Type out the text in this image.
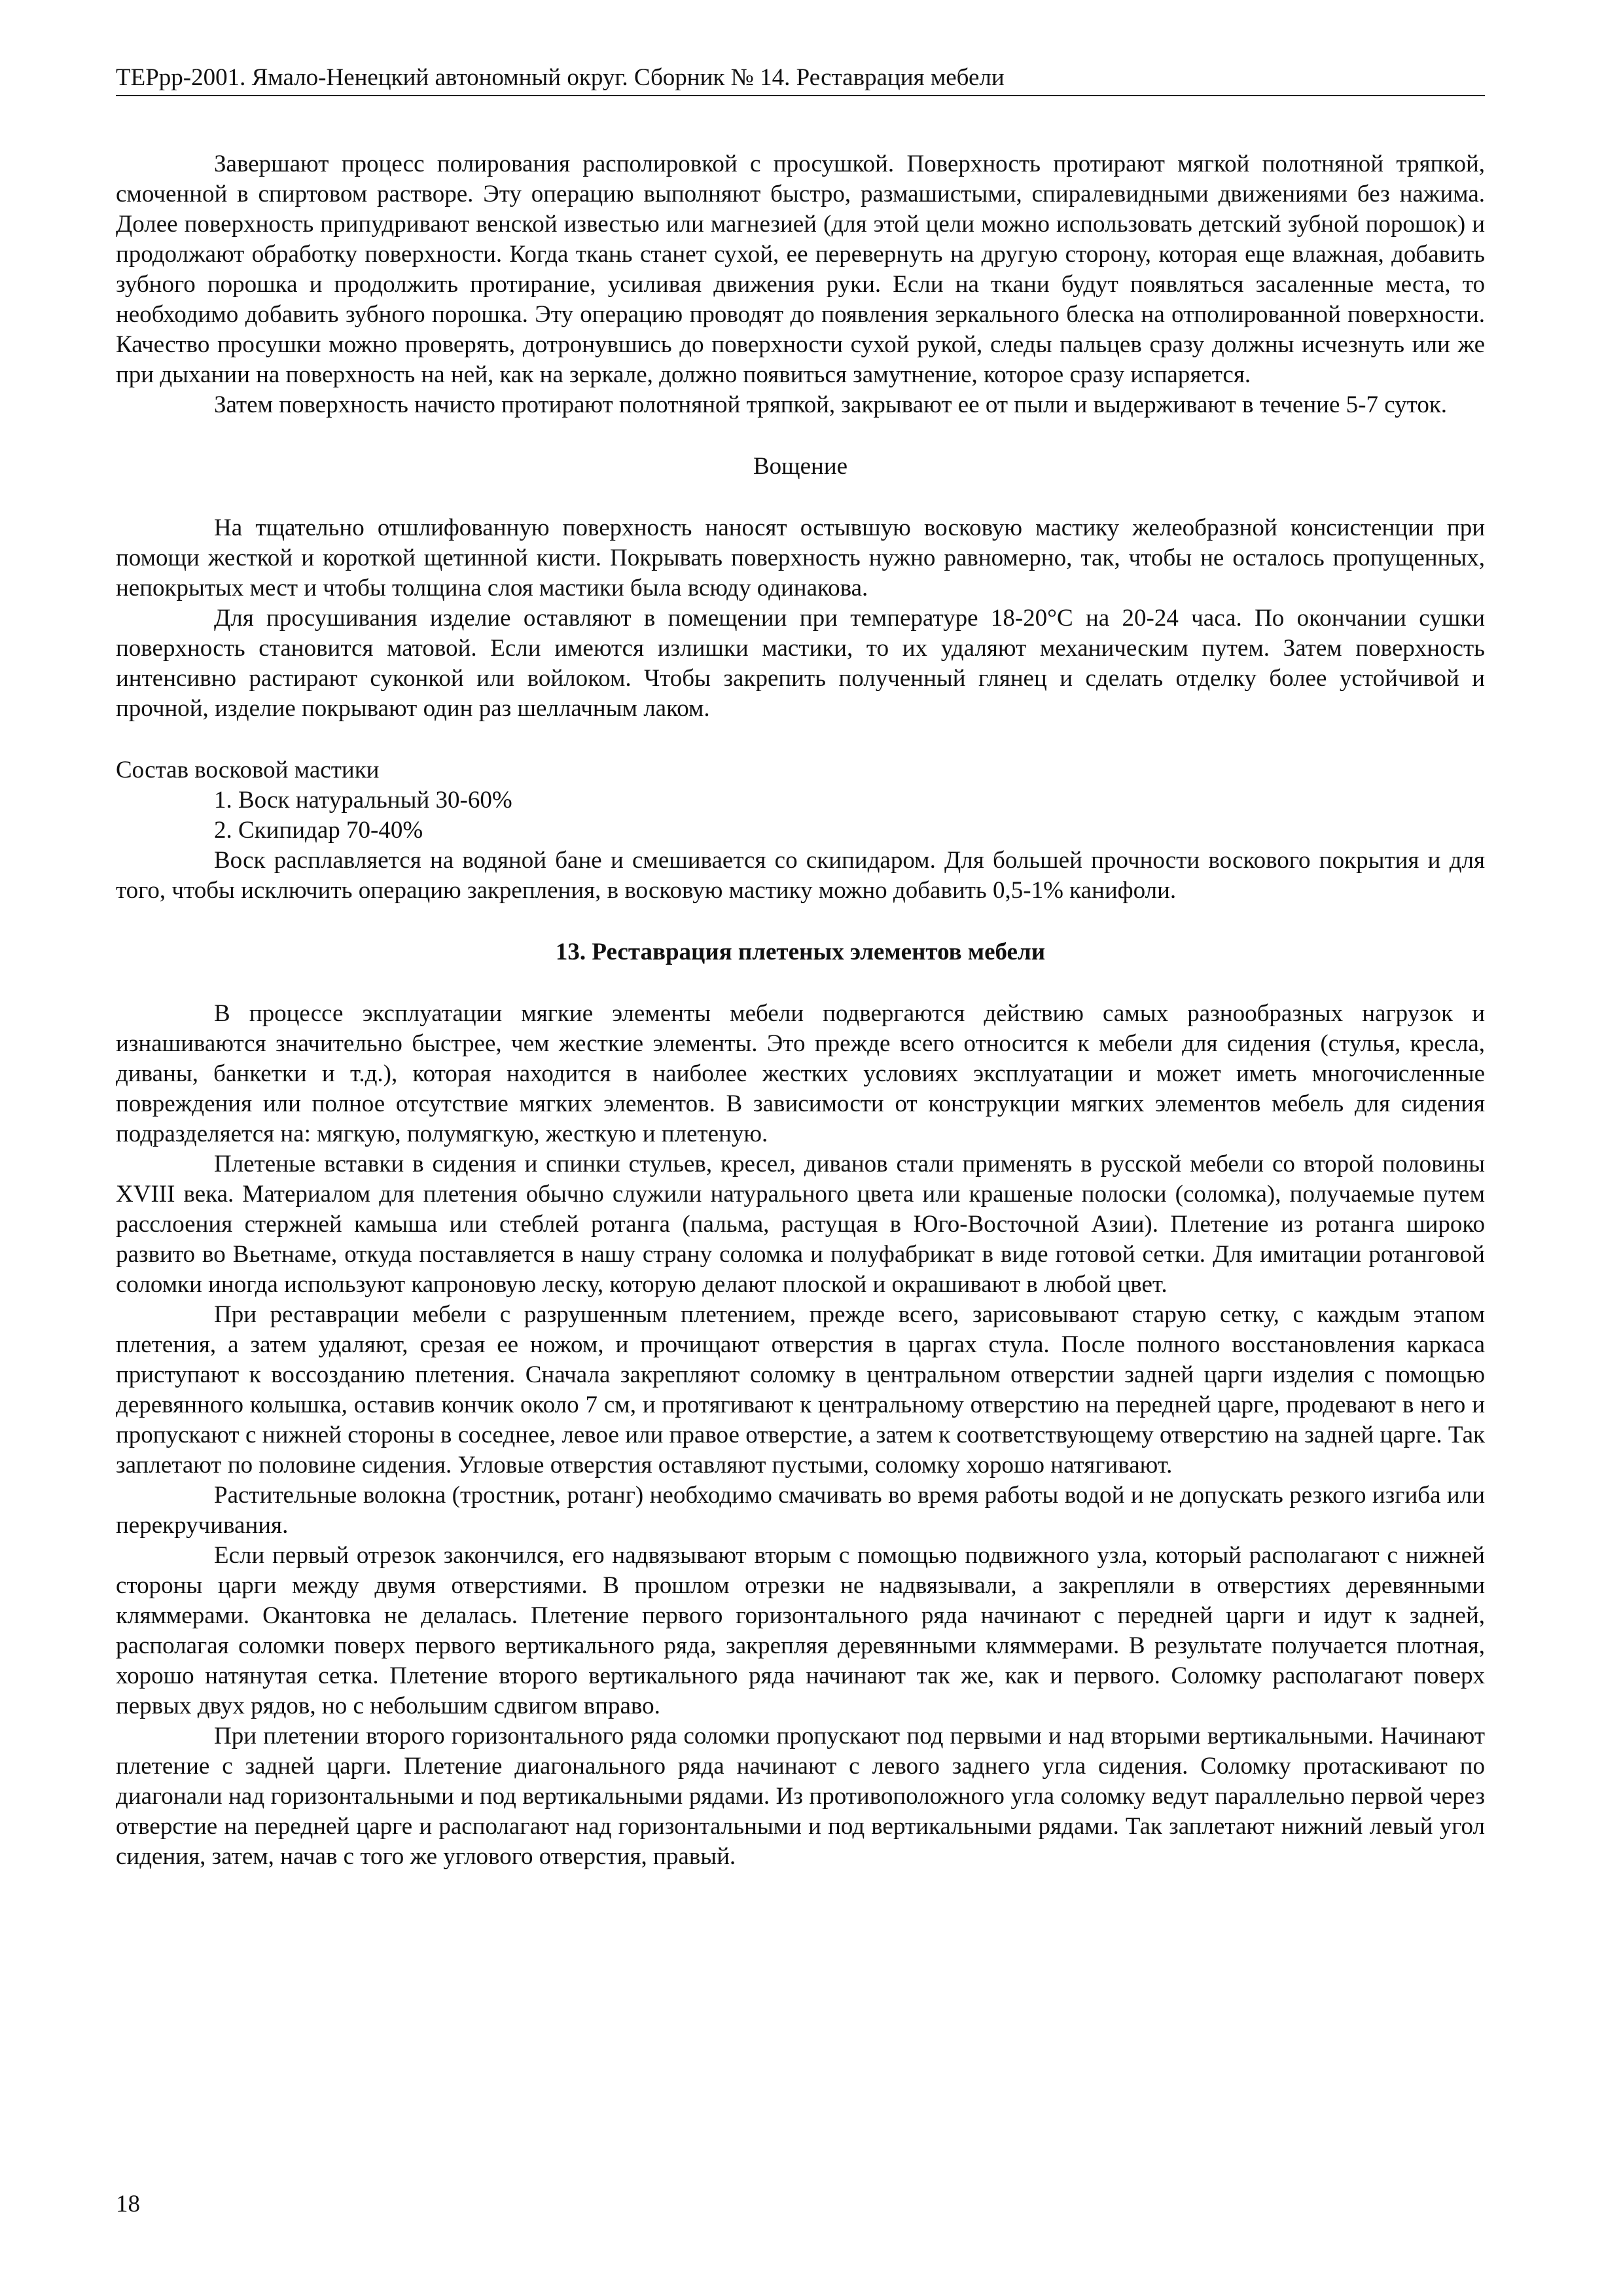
ТЕРрр-2001. Ямало-Ненецкий автономный округ. Сборник № 14. Реставрация мебели

Завершают процесс полирования располировкой с просушкой. Поверхность протирают мягкой полотняной тряпкой, смоченной в спиртовом растворе. Эту операцию выполняют быстро, размашистыми, спиралевидными движениями без нажима. Долее поверхность припудривают венской известью или магнезией (для этой цели можно использовать детский зубной порошок) и продолжают обработку поверхности. Когда ткань станет сухой, ее перевернуть на другую сторону, которая еще влажная, добавить зубного порошка и продолжить протирание, усиливая движения руки. Если на ткани будут появляться засаленные места, то необходимо добавить зубного порошка. Эту операцию проводят до появления зеркального блеска на отполированной поверхности. Качество просушки можно проверять, дотронувшись до поверхности сухой рукой, следы пальцев сразу должны исчезнуть или же при дыхании на поверхность на ней, как на зеркале, должно появиться замутнение, которое сразу испаряется.

Затем поверхность начисто протирают полотняной тряпкой, закрывают ее от пыли и выдерживают в течение 5-7 суток.

Вощение

На тщательно отшлифованную поверхность наносят остывшую восковую мастику желеобразной консистенции при помощи жесткой и короткой щетинной кисти. Покрывать поверхность нужно равномерно, так, чтобы не осталось пропущенных, непокрытых мест и чтобы толщина слоя мастики была всюду одинакова.

Для просушивания изделие оставляют в помещении при температуре 18-20°С на 20-24 часа. По окончании сушки поверхность становится матовой. Если имеются излишки мастики, то их удаляют механическим путем. Затем поверхность интенсивно растирают суконкой или войлоком. Чтобы закрепить полученный глянец и сделать отделку более устойчивой и прочной, изделие покрывают один раз шеллачным лаком.

Состав восковой мастики

1. Воск натуральный 30-60%

2. Скипидар 70-40%

Воск расплавляется на водяной бане и смешивается со скипидаром. Для большей прочности воскового покрытия и для того, чтобы исключить операцию закрепления, в восковую мастику можно добавить 0,5-1% канифоли.

13. Реставрация плетеных элементов мебели

В процессе эксплуатации мягкие элементы мебели подвергаются действию самых разнообразных нагрузок и изнашиваются значительно быстрее, чем жесткие элементы. Это прежде всего относится к мебели для сидения (стулья, кресла, диваны, банкетки и т.д.), которая находится в наиболее жестких условиях эксплуатации и может иметь многочисленные повреждения или полное отсутствие мягких элементов. В зависимости от конструкции мягких элементов мебель для сидения подразделяется на: мягкую, полумягкую, жесткую и плетеную.

Плетеные вставки в сидения и спинки стульев, кресел, диванов стали применять в русской мебели со второй половины XVIII века. Материалом для плетения обычно служили натурального цвета или крашеные полоски (соломка), получаемые путем расслоения стержней камыша или стеблей ротанга (пальма, растущая в Юго-Восточной Азии). Плетение из ротанга широко развито во Вьетнаме, откуда поставляется в нашу страну соломка и полуфабрикат в виде готовой сетки. Для имитации ротанговой соломки иногда используют капроновую леску, которую делают плоской и окрашивают в любой цвет.

При реставрации мебели с разрушенным плетением, прежде всего, зарисовывают старую сетку, с каждым этапом плетения, а затем удаляют, срезая ее ножом, и прочищают отверстия в царгах стула. После полного восстановления каркаса приступают к воссозданию плетения. Сначала закрепляют соломку в центральном отверстии задней царги изделия с помощью деревянного колышка, оставив кончик около 7 см, и протягивают к центральному отверстию на передней царге, продевают в него и пропускают с нижней стороны в соседнее, левое или правое отверстие, а затем к соответствующему отверстию на задней царге. Так заплетают по половине сидения. Угловые отверстия оставляют пустыми, соломку хорошо натягивают.

Растительные волокна (тростник, ротанг) необходимо смачивать во время работы водой и не допускать резкого изгиба или перекручивания.

Если первый отрезок закончился, его надвязывают вторым с помощью подвижного узла, который располагают с нижней стороны царги между двумя отверстиями. В прошлом отрезки не надвязывали, а закрепляли в отверстиях деревянными кляммерами. Окантовка не делалась. Плетение первого горизонтального ряда начинают с передней царги и идут к задней, располагая соломки поверх первого вертикального ряда, закрепляя деревянными кляммерами. В результате получается плотная, хорошо натянутая сетка. Плетение второго вертикального ряда начинают так же, как и первого. Соломку располагают поверх первых двух рядов, но с небольшим сдвигом вправо.

При плетении второго горизонтального ряда соломки пропускают под первыми и над вторыми вертикальными. Начинают плетение с задней царги. Плетение диагонального ряда начинают с левого заднего угла сидения. Соломку протаскивают по диагонали над горизонтальными и под вертикальными рядами. Из противоположного угла соломку ведут параллельно первой через отверстие на передней царге и располагают над горизонтальными и под вертикальными рядами. Так заплетают нижний левый угол сидения, затем, начав с того же углового отверстия, правый.

18
